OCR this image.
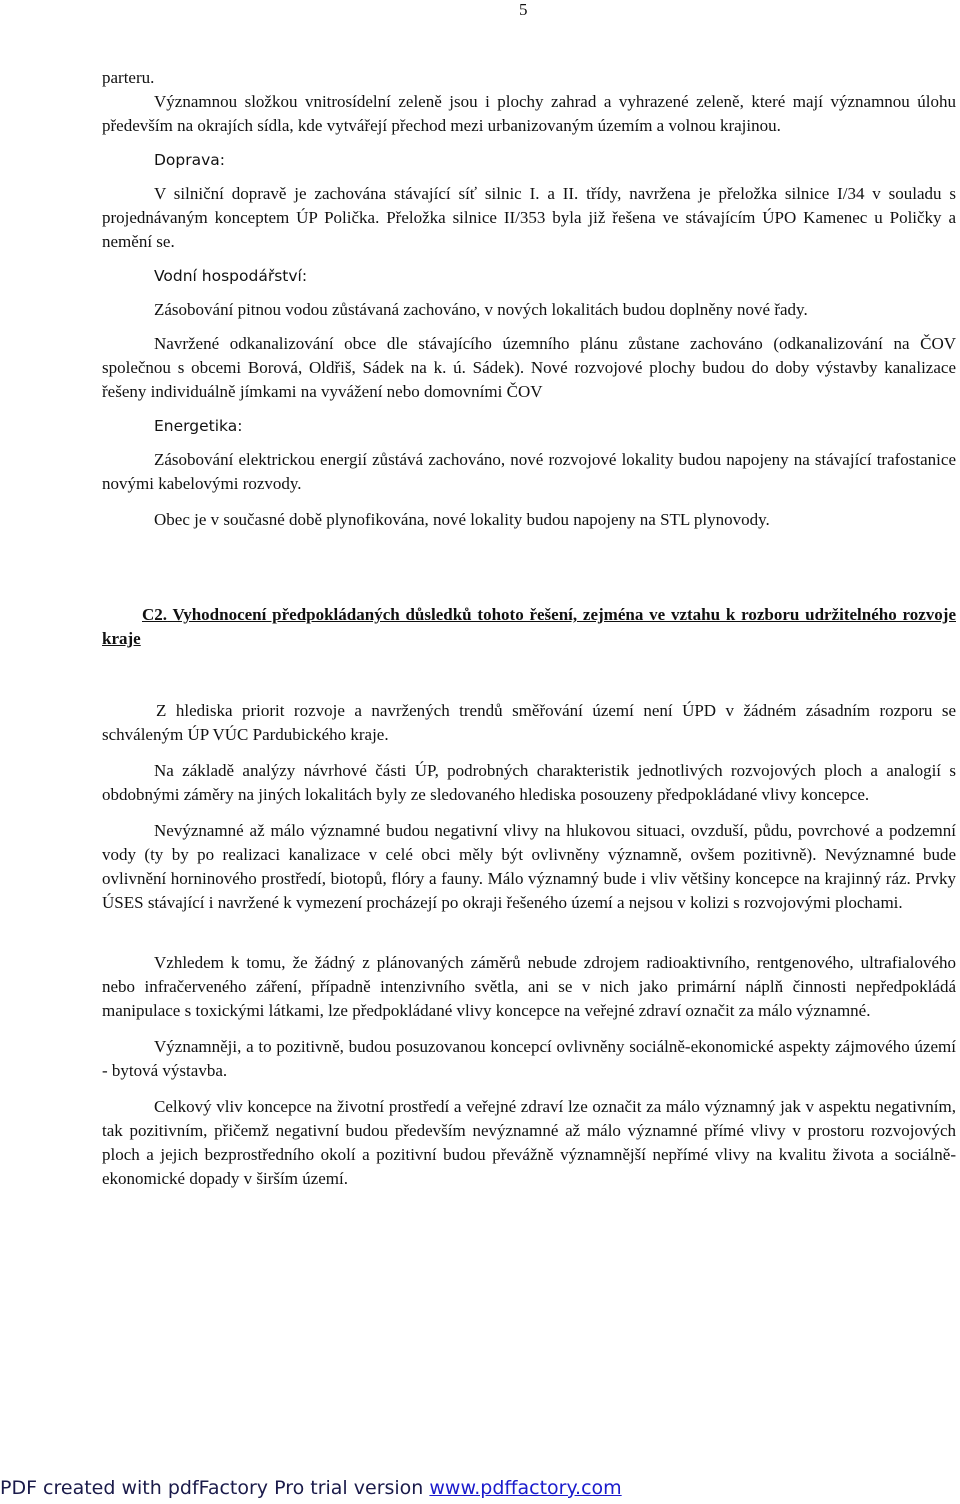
5

parteru.

Významnou složkou vnitrosídelní zeleně jsou i plochy zahrad a vyhrazené zeleně, které mají významnou úlohu především na okrajích sídla, kde vytvářejí přechod mezi urbanizovaným územím a volnou krajinou.

Doprava:

V silniční dopravě je zachována stávající síť silnic I. a II. třídy, navržena je přeložka silnice I/34 v souladu s projednávaným konceptem ÚP Polička. Přeložka silnice II/353 byla již řešena ve stávajícím ÚPO Kamenec u Poličky a nemění se.

Vodní hospodářství:

Zásobování pitnou vodou zůstávaná zachováno, v nových lokalitách budou doplněny nové řady.

Navržené odkanalizování obce dle stávajícího územního plánu zůstane zachováno (odkanalizování na ČOV společnou s obcemi Borová, Oldřiš, Sádek na k. ú. Sádek). Nové rozvojové plochy budou do doby výstavby kanalizace řešeny individuálně jímkami na vyvážení nebo domovními ČOV

Energetika:

Zásobování elektrickou energií zůstává zachováno, nové rozvojové lokality budou napojeny na stávající trafostanice novými kabelovými rozvody.

Obec je v současné době plynofikována, nové lokality budou napojeny na STL plynovody.

C2. Vyhodnocení předpokládaných důsledků tohoto řešení, zejména ve vztahu k rozboru udržitelného rozvoje kraje

Z hlediska priorit rozvoje a navržených trendů směřování území není ÚPD v žádném zásadním rozporu se schváleným ÚP VÚC Pardubického kraje.

Na základě analýzy návrhové části ÚP, podrobných charakteristik jednotlivých rozvojových ploch a analogií s obdobnými záměry na jiných lokalitách byly ze sledovaného hlediska posouzeny předpokládané vlivy koncepce.

Nevýznamné až málo významné budou negativní vlivy na hlukovou situaci, ovzduší, půdu, povrchové a podzemní vody (ty by po realizaci kanalizace v celé obci měly být ovlivněny významně, ovšem pozitivně). Nevýznamné bude ovlivnění horninového prostředí, biotopů, flóry a fauny. Málo významný bude i vliv většiny koncepce na krajinný ráz. Prvky ÚSES stávající i navržené k vymezení procházejí po okraji řešeného území a nejsou v kolizi s rozvojovými plochami.

Vzhledem k tomu, že žádný z plánovaných záměrů nebude zdrojem radioaktivního, rentgenového, ultrafialového nebo infračerveného záření, případně intenzivního světla, ani se v nich jako primární náplň činnosti nepředpokládá manipulace s toxickými látkami, lze předpokládané vlivy koncepce na veřejné zdraví označit za málo významné.

Významněji, a to pozitivně, budou posuzovanou koncepcí ovlivněny sociálně-ekonomické aspekty zájmového území - bytová výstavba.

Celkový vliv koncepce na životní prostředí a veřejné zdraví lze označit za málo významný jak v aspektu negativním, tak pozitivním, přičemž negativní budou především nevýznamné až málo významné přímé vlivy v prostoru rozvojových ploch a jejich bezprostředního okolí a pozitivní budou převážně významnější nepřímé vlivy na kvalitu života a sociálně-ekonomické dopady v širším území.

PDF created with pdfFactory Pro trial version www.pdffactory.com
